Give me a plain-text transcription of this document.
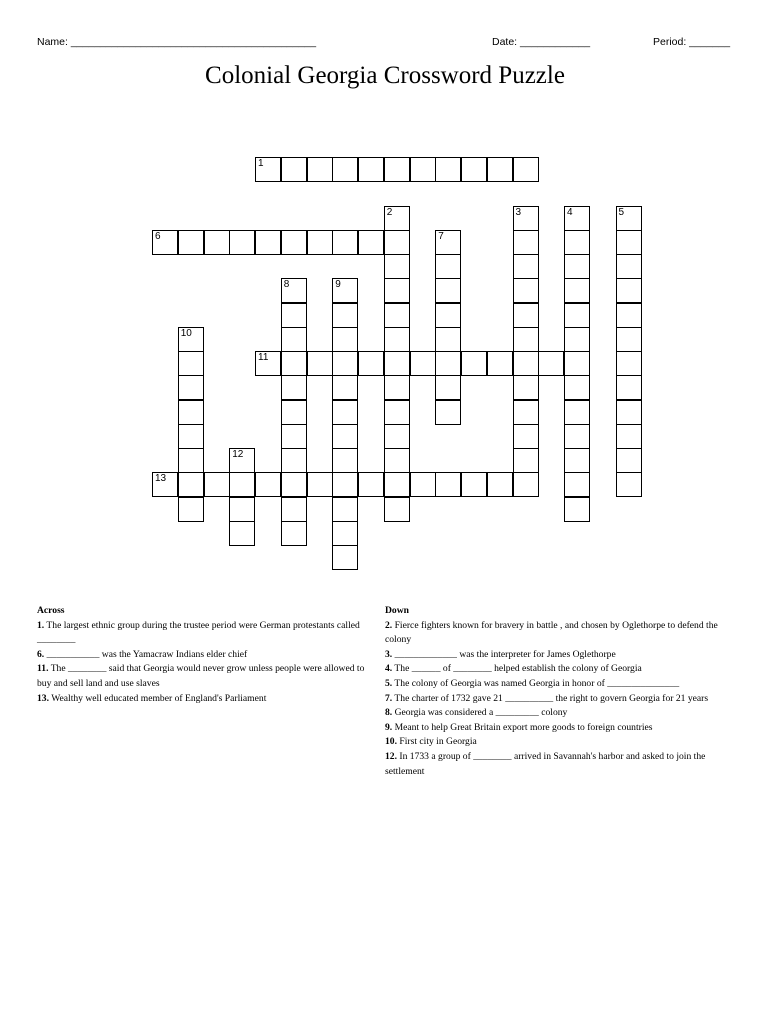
Name: __________________________________________	Date: ____________	Period: _______
Colonial Georgia Crossword Puzzle
1
6
11
13
2	3	4	5
7
8	9
10
12
Across
1. The largest ethnic group during the trustee period were German protestants called ________
6. ___________ was the Yamacraw Indians elder chief
11. The ________ said that Georgia would never grow unless people were allowed to buy and sell land and use slaves
13. Wealthy well educated member of England's Parliament
Down
2. Fierce fighters known for bravery in battle , and chosen by Oglethorpe to defend the colony
3. _____________ was the interpreter for James Oglethorpe
4. The ______ of ________ helped establish the colony of Georgia
5. The colony of Georgia was named Georgia in honor of _______________
7. The charter of 1732 gave 21 __________ the right to govern Georgia for 21 years
8. Georgia was considered a _________ colony
9. Meant to help Great Britain export more goods to foreign countries
10. First city in Georgia
12. In 1733 a group of ________ arrived in Savannah's harbor and asked to join the settlement
